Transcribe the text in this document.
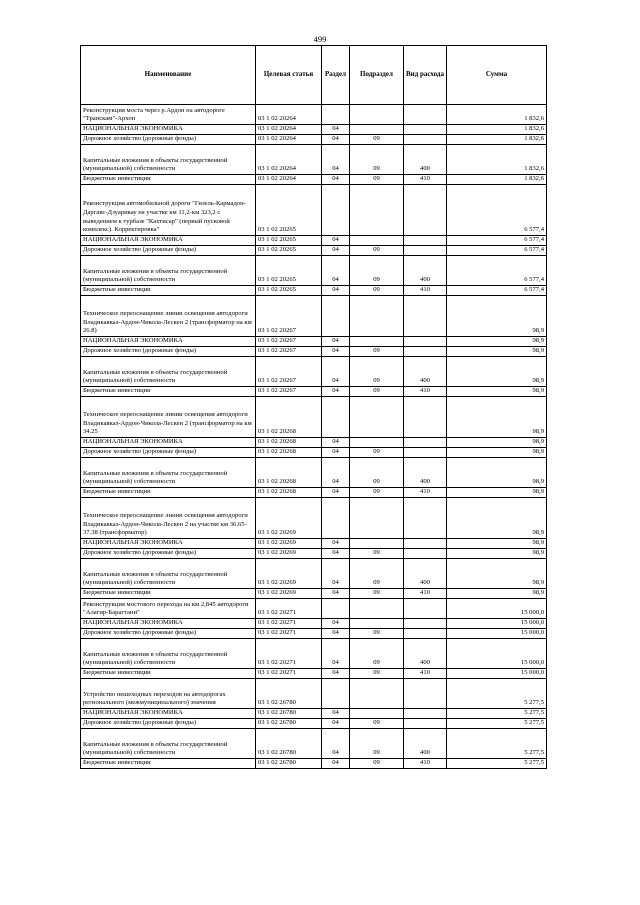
499
Наименование	Целевая статья	Раздел	Подраздел	Вид расхода	Сумма
Реконструкция моста через р.Ардон на автодороге "Транскам"-Архон	03 1 02 20264				1 832,6
НАЦИОНАЛЬНАЯ ЭКОНОМИКА	03 1 02 20264	04			1 832,6
Дорожное хозяйство (дорожные фонды)	03 1 02 20264	04	09		1 832,6
Капитальные вложения в объекты государственной (муниципальной) собственности	03 1 02 20264	04	09	400	1 832,6
Бюджетные инвестиции	03 1 02 20264	04	09	410	1 832,6
Реконструкция автомобильной дороги "Гизель-Кармадон-Даргавс-Дзуарикау на участке км 11,2-км 323,2 с выведением к турбазе "Кахтисар" (первый пусковой комплекс). Корректировка"	03 1 02 20265				6 577,4
НАЦИОНАЛЬНАЯ ЭКОНОМИКА	03 1 02 20265	04			6 577,4
Дорожное хозяйство (дорожные фонды)	03 1 02 20265	04	09		6 577,4
Капитальные вложения в объекты государственной (муниципальной) собственности	03 1 02 20265	04	09	400	6 577,4
Бюджетные инвестиции	03 1 02 20265	04	09	410	6 577,4
Техническое переоснащение линии освещения автодороги Владикавказ-Ардон-Чикола-Лескен 2 (трансформатор на км 26.8)	03 1 02 20267				98,9
НАЦИОНАЛЬНАЯ ЭКОНОМИКА	03 1 02 20267	04			98,9
Дорожное хозяйство (дорожные фонды)	03 1 02 20267	04	09		98,9
Капитальные вложения в объекты государственной (муниципальной) собственности	03 1 02 20267	04	09	400	98,9
Бюджетные инвестиции	03 1 02 20267	04	09	410	98,9
Техническое переоснащение линии освещения автодороги Владикавказ-Ардон-Чикола-Лескен 2 (трансформатор на км 34.25	03 1 02 20268				98,9
НАЦИОНАЛЬНАЯ ЭКОНОМИКА	03 1 02 20268	04			98,9
Дорожное хозяйство (дорожные фонды)	03 1 02 20268	04	09		98,9
Капитальные вложения в объекты государственной (муниципальной) собственности	03 1 02 20268	04	09	400	98,9
Бюджетные инвестиции	03 1 02 20268	04	09	410	98,9
Техническое переоснащение линии освещения автодороги Владикавказ-Ардон-Чикола-Лескен 2 на участке км 36.65-37.38 (трансформатор)	03 1 02 20269				98,9
НАЦИОНАЛЬНАЯ ЭКОНОМИКА	03 1 02 20269	04			98,9
Дорожное хозяйство (дорожные фонды)	03 1 02 20269	04	09		98,9
Капитальные вложения в объекты государственной (муниципальной) собственности	03 1 02 20269	04	09	400	98,9
Бюджетные инвестиции	03 1 02 20269	04	09	410	98,9
Реконструкция мостового перехода на км 2,845 автодороги "Алагир-Барагтани"	03 1 02 20271				15 000,0
НАЦИОНАЛЬНАЯ ЭКОНОМИКА	03 1 02 20271	04			15 000,0
Дорожное хозяйство (дорожные фонды)	03 1 02 20271	04	09		15 000,0
Капитальные вложения в объекты государственной (муниципальной) собственности	03 1 02 20271	04	09	400	15 000,0
Бюджетные инвестиции	03 1 02 20271	04	09	410	15 000,0
Устройство пешеходных переходов на автодорогах регионального (межмуниципального) значения	03 1 02 26780				5 277,5
НАЦИОНАЛЬНАЯ ЭКОНОМИКА	03 1 02 26780	04			5 277,5
Дорожное хозяйство (дорожные фонды)	03 1 02 26780	04	09		5 277,5
Капитальные вложения в объекты государственной (муниципальной) собственности	03 1 02 26780	04	09	400	5 277,5
Бюджетные инвестиции	03 1 02 26780	04	09	410	5 277,5
